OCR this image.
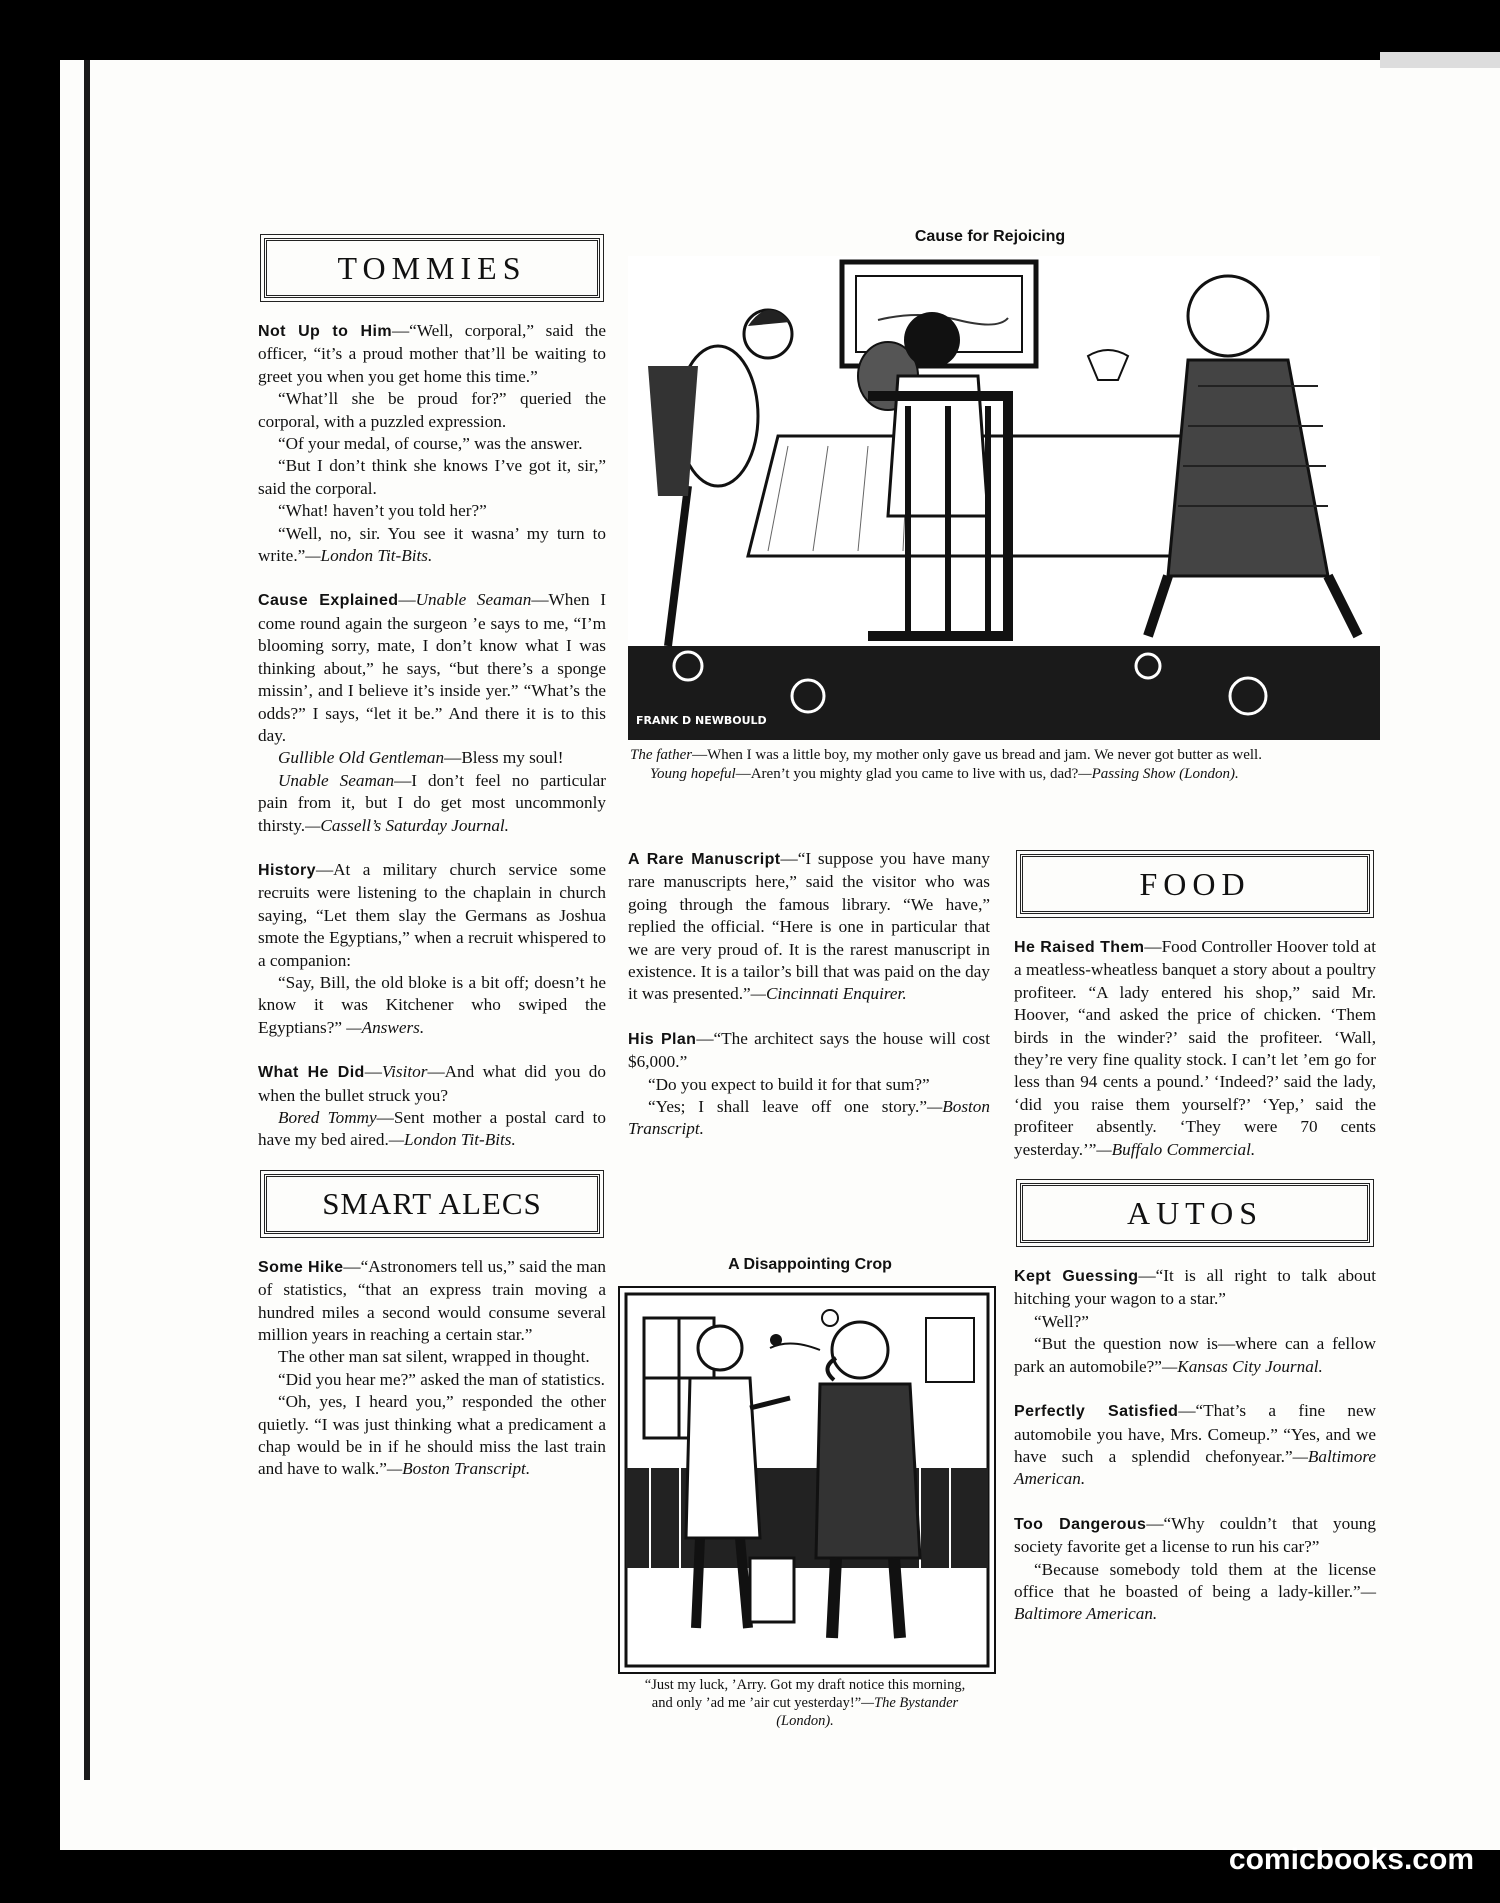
TOMMIES

Not Up to Him—“Well, corporal,” said the officer, “it’s a proud mother that’ll be waiting to greet you when you get home this time.”

“What’ll she be proud for?” queried the corporal, with a puzzled expression.

“Of your medal, of course,” was the answer.

“But I don’t think she knows I’ve got it, sir,” said the corporal.

“What! haven’t you told her?”

“Well, no, sir. You see it wasna’ my turn to write.”—London Tit-Bits.

Cause Explained—Unable Seaman—When I come round again the surgeon ’e says to me, “I’m blooming sorry, mate, I don’t know what I was thinking about,” he says, “but there’s a sponge missin’, and I believe it’s inside yer.” “What’s the odds?” I says, “let it be.” And there it is to this day.

Gullible Old Gentleman—Bless my soul!

Unable Seaman—I don’t feel no particular pain from it, but I do get most uncommonly thirsty.—Cassell’s Saturday Journal.

History—At a military church service some recruits were listening to the chaplain in church saying, “Let them slay the Germans as Joshua smote the Egyptians,” when a recruit whispered to a companion:

“Say, Bill, the old bloke is a bit off; doesn’t he know it was Kitchener who swiped the Egyptians?” —Answers.

What He Did—Visitor—And what did you do when the bullet struck you?

Bored Tommy—Sent mother a postal card to have my bed aired.—London Tit-Bits.

SMART ALECS

Some Hike—“Astronomers tell us,” said the man of statistics, “that an express train moving a hundred miles a second would consume several million years in reaching a certain star.”

The other man sat silent, wrapped in thought.

“Did you hear me?” asked the man of statistics.

“Oh, yes, I heard you,” responded the other quietly. “I was just thinking what a predicament a chap would be in if he should miss the last train and have to walk.”—Boston Transcript.

Cause for Rejoicing
FRANK D NEWBOULD
The father—When I was a little boy, my mother only gave us bread and jam. We never got butter as well.
Young hopeful—Aren’t you mighty glad you came to live with us, dad?—Passing Show (London).

A Rare Manuscript—“I suppose you have many rare manuscripts here,” said the visitor who was going through the famous library. “We have,” replied the official. “Here is one in particular that we are very proud of. It is the rarest manuscript in existence. It is a tailor’s bill that was paid on the day it was presented.”—Cincinnati Enquirer.

His Plan—“The architect says the house will cost $6,000.”

“Do you expect to build it for that sum?”

“Yes; I shall leave off one story.”—Boston Transcript.

A Disappointing Crop
“Just my luck, ’Arry. Got my draft notice this morning, and only ’ad me ’air cut yesterday!”—The Bystander (London).
FOOD

He Raised Them—Food Controller Hoover told at a meatless-wheatless banquet a story about a poultry profiteer. “A lady entered his shop,” said Mr. Hoover, “and asked the price of chicken. ‘Them birds in the winder?’ said the profiteer. ‘Wall, they’re very fine quality stock. I can’t let ’em go for less than 94 cents a pound.’ ‘Indeed?’ said the lady, ‘did you raise them yourself?’ ‘Yep,’ said the profiteer absently. ‘They were 70 cents yesterday.’”—Buffalo Commercial.

AUTOS

Kept Guessing—“It is all right to talk about hitching your wagon to a star.”

“Well?”

“But the question now is—where can a fellow park an automobile?”—Kansas City Journal.

Perfectly Satisfied—“That’s a fine new automobile you have, Mrs. Comeup.” “Yes, and we have such a splendid chefonyear.”—Baltimore American.

Too Dangerous—“Why couldn’t that young society favorite get a license to run his car?”

“Because somebody told them at the license office that he boasted of being a lady-killer.”—Baltimore American.

comicbooks.com
